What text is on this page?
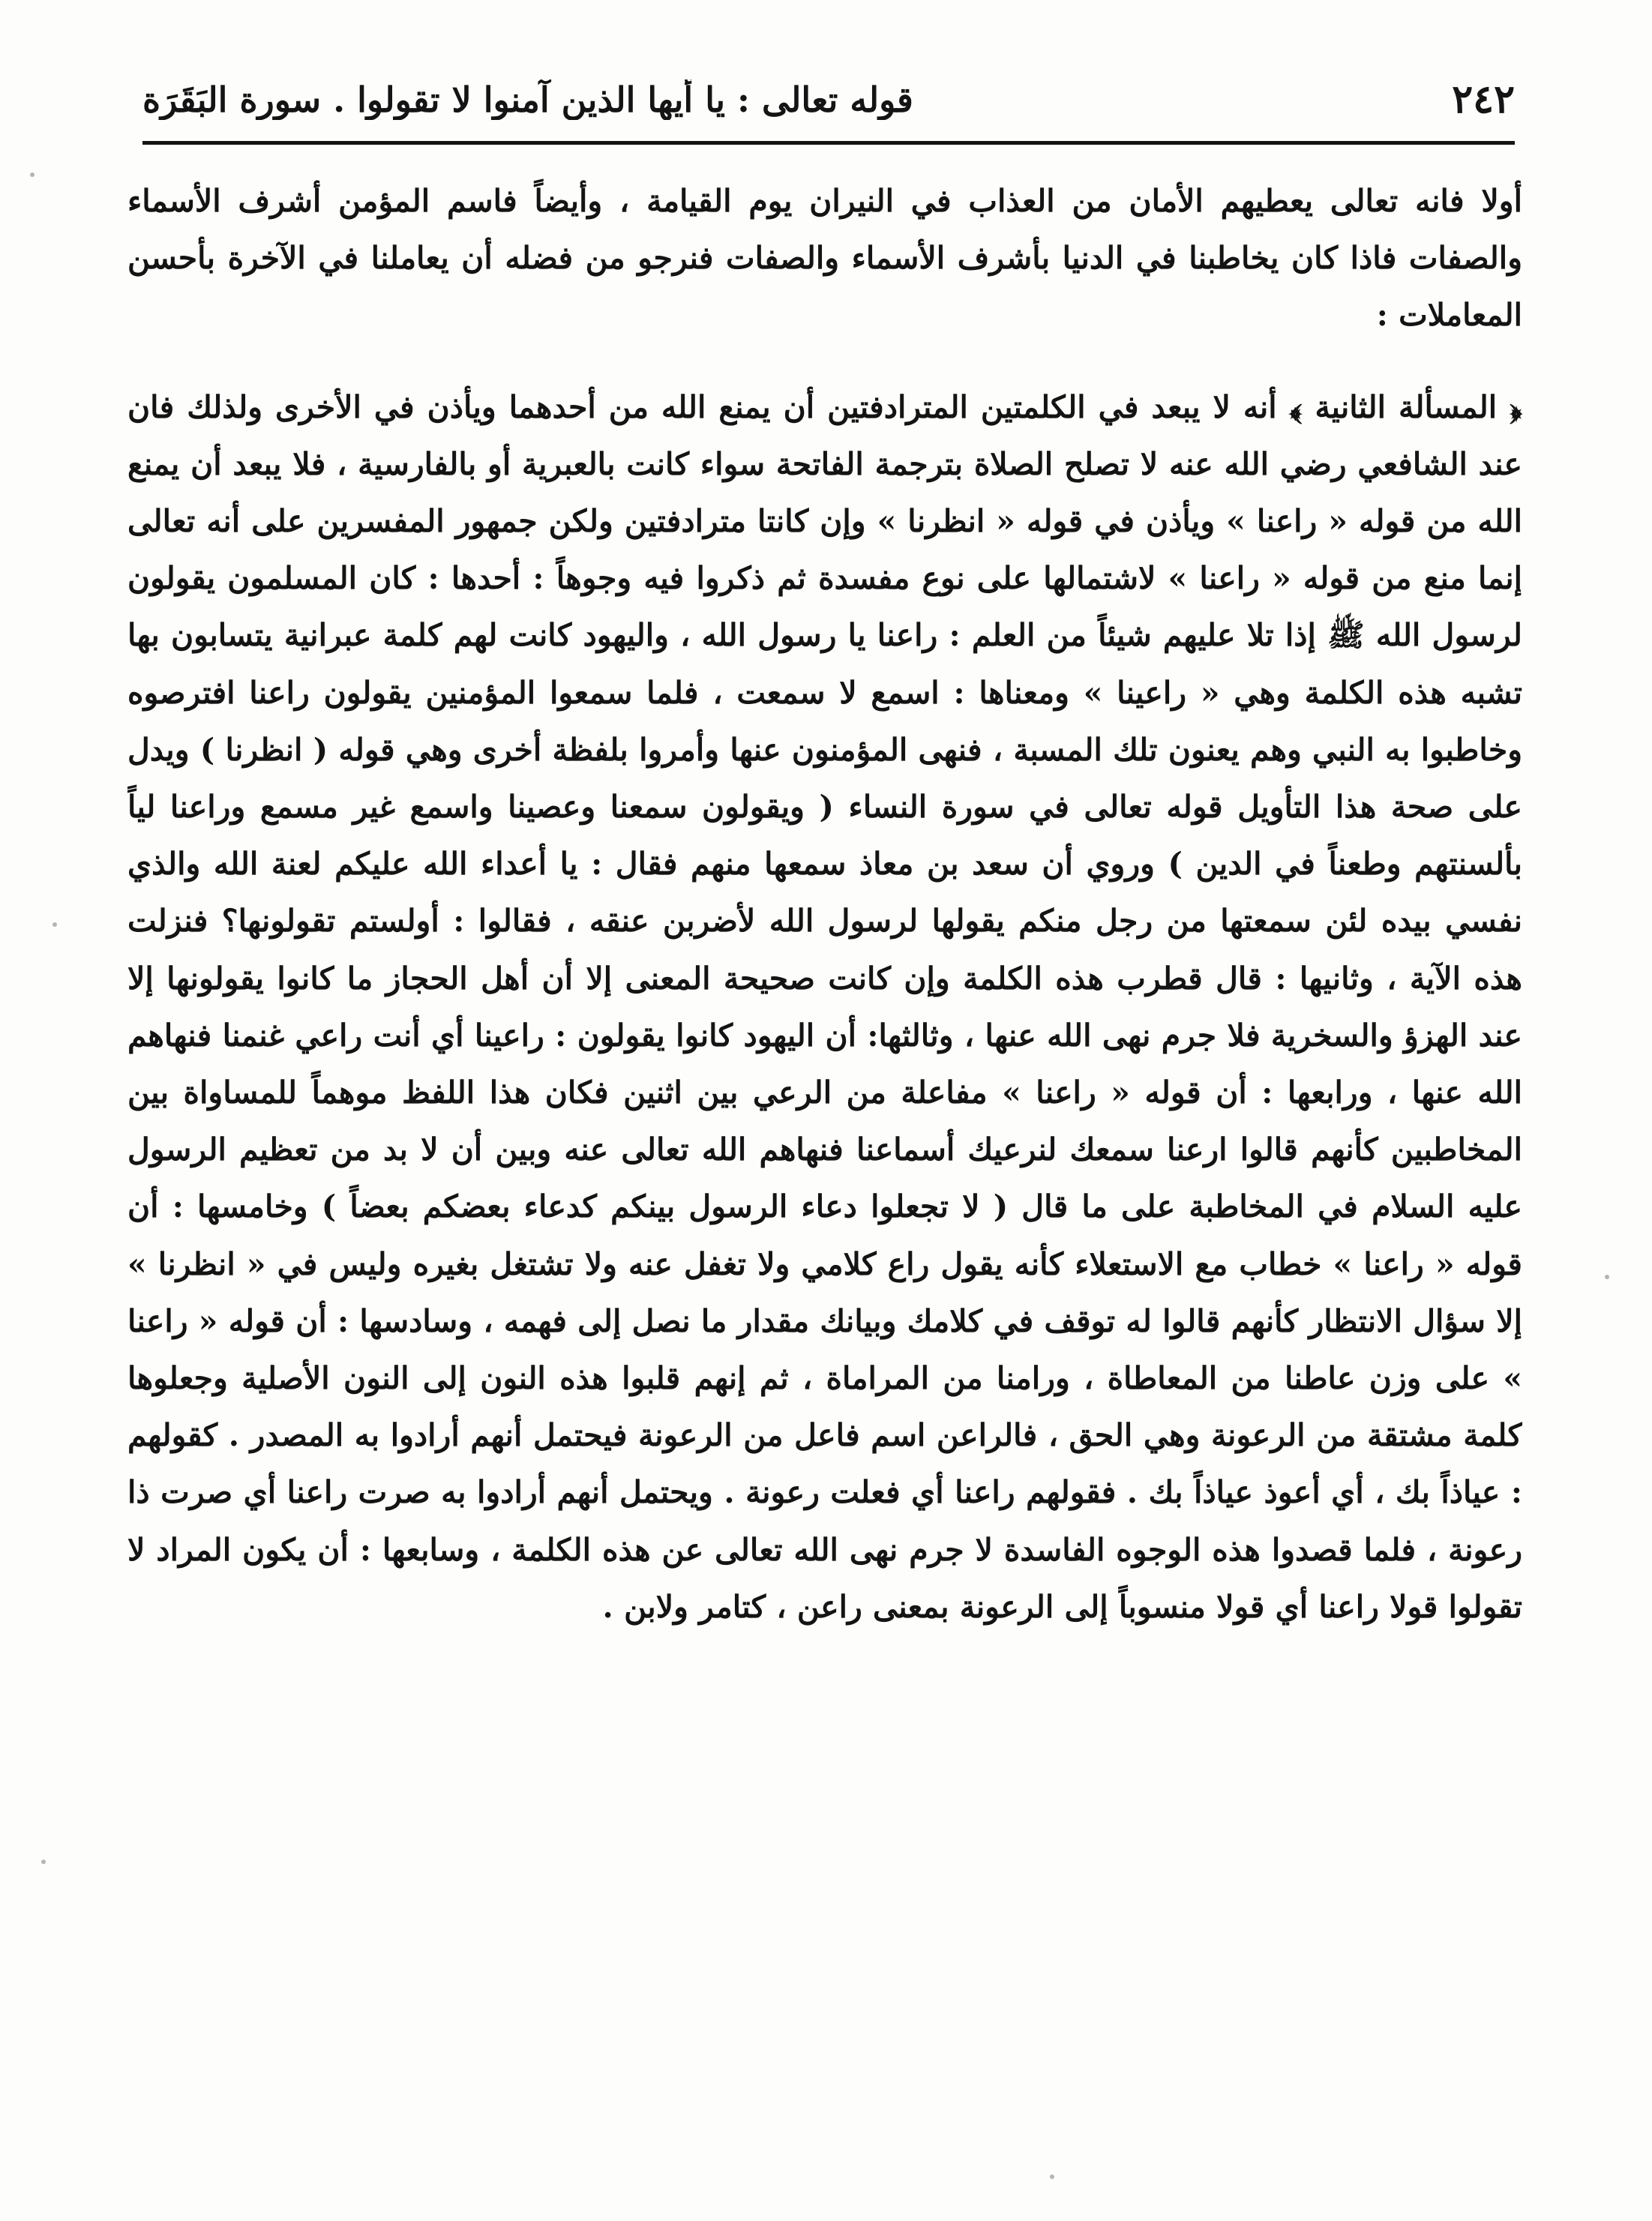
٢٤٢
قوله تعالى : يا أيها الذين آمنوا لا تقولوا . سورة البَقَرَة

أولا فانه تعالى يعطيهم الأمان من العذاب في النيران يوم القيامة ، وأيضاً فاسم المؤمن أشرف الأسماء والصفات فاذا كان يخاطبنا في الدنيا بأشرف الأسماء والصفات فنرجو من فضله أن يعاملنا في الآخرة بأحسن المعاملات :

﴿ المسألة الثانية ﴾ أنه لا يبعد في الكلمتين المترادفتين أن يمنع الله من أحدهما ويأذن في الأخرى ولذلك فان عند الشافعي رضي الله عنه لا تصلح الصلاة بترجمة الفاتحة سواء كانت بالعبرية أو بالفارسية ، فلا يبعد أن يمنع الله من قوله « راعنا » ويأذن في قوله « انظرنا » وإن كانتا مترادفتين ولكن جمهور المفسرين على أنه تعالى إنما منع من قوله « راعنا » لاشتمالها على نوع مفسدة ثم ذكروا فيه وجوهاً : أحدها : كان المسلمون يقولون لرسول الله ﷺ إذا تلا عليهم شيئاً من العلم : راعنا يا رسول الله ، واليهود كانت لهم كلمة عبرانية يتسابون بها تشبه هذه الكلمة وهي « راعينا » ومعناها : اسمع لا سمعت ، فلما سمعوا المؤمنين يقولون راعنا افترصوه وخاطبوا به النبي وهم يعنون تلك المسبة ، فنهى المؤمنون عنها وأمروا بلفظة أخرى وهي قوله ( انظرنا ) ويدل على صحة هذا التأويل قوله تعالى في سورة النساء ( ويقولون سمعنا وعصينا واسمع غير مسمع وراعنا لياً بألسنتهم وطعناً في الدين ) وروي أن سعد بن معاذ سمعها منهم فقال : يا أعداء الله عليكم لعنة الله والذي نفسي بيده لئن سمعتها من رجل منكم يقولها لرسول الله لأضربن عنقه ، فقالوا : أولستم تقولونها؟ فنزلت هذه الآية ، وثانيها : قال قطرب هذه الكلمة وإن كانت صحيحة المعنى إلا أن أهل الحجاز ما كانوا يقولونها إلا عند الهزؤ والسخرية فلا جرم نهى الله عنها ، وثالثها: أن اليهود كانوا يقولون : راعينا أي أنت راعي غنمنا فنهاهم الله عنها ، ورابعها : أن قوله « راعنا » مفاعلة من الرعي بين اثنين فكان هذا اللفظ موهماً للمساواة بين المخاطبين كأنهم قالوا ارعنا سمعك لنرعيك أسماعنا فنهاهم الله تعالى عنه وبين أن لا بد من تعظيم الرسول عليه السلام في المخاطبة على ما قال ( لا تجعلوا دعاء الرسول بينكم كدعاء بعضكم بعضاً ) وخامسها : أن قوله « راعنا » خطاب مع الاستعلاء كأنه يقول راع كلامي ولا تغفل عنه ولا تشتغل بغيره وليس في « انظرنا » إلا سؤال الانتظار كأنهم قالوا له توقف في كلامك وبيانك مقدار ما نصل إلى فهمه ، وسادسها : أن قوله « راعنا » على وزن عاطنا من المعاطاة ، ورامنا من المراماة ، ثم إنهم قلبوا هذه النون إلى النون الأصلية وجعلوها كلمة مشتقة من الرعونة وهي الحق ، فالراعن اسم فاعل من الرعونة فيحتمل أنهم أرادوا به المصدر . كقولهم : عياذاً بك ، أي أعوذ عياذاً بك . فقولهم راعنا أي فعلت رعونة . ويحتمل أنهم أرادوا به صرت راعنا أي صرت ذا رعونة ، فلما قصدوا هذه الوجوه الفاسدة لا جرم نهى الله تعالى عن هذه الكلمة ، وسابعها : أن يكون المراد لا تقولوا قولا راعنا أي قولا منسوباً إلى الرعونة بمعنى راعن ، كتامر ولابن .
